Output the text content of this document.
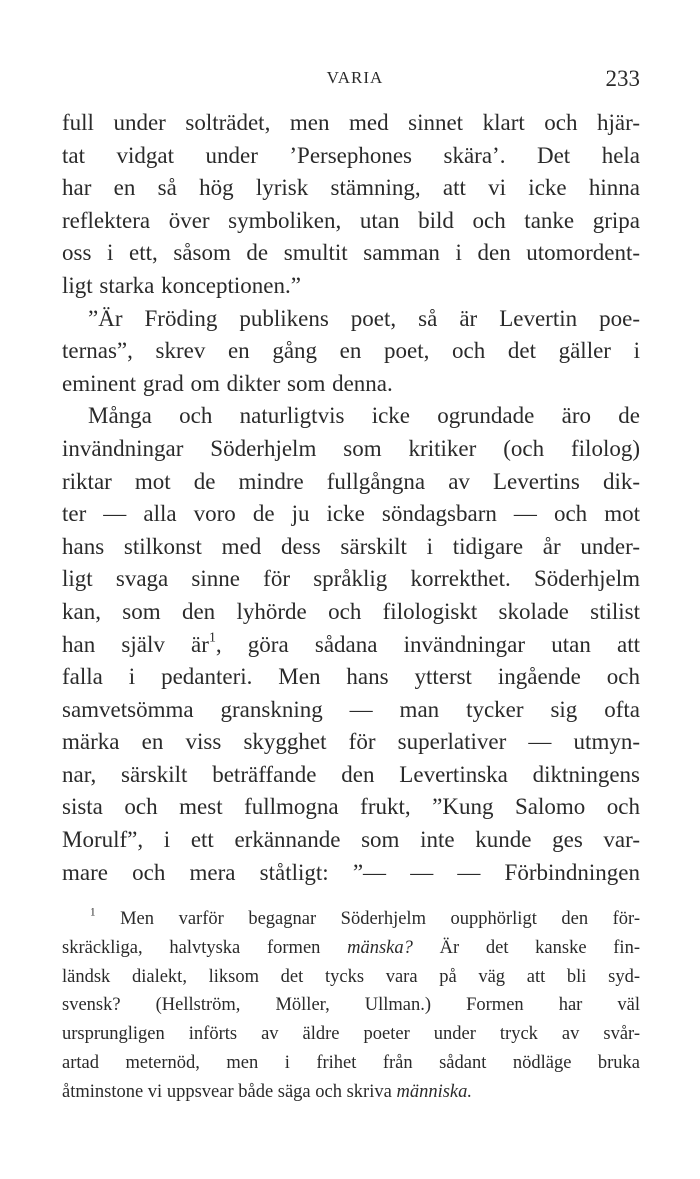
VARIA	233
full under solträdet, men med sinnet klart och hjär-
tat vidgat under ’Persephones skära’. Det hela
har en så hög lyrisk stämning, att vi icke hinna
reflektera över symboliken, utan bild och tanke gripa
oss i ett, såsom de smultit samman i den utomordent-
ligt starka konceptionen.”
”Är Fröding publikens poet, så är Levertin poe-
ternas”, skrev en gång en poet, och det gäller i
eminent grad om dikter som denna.
Många och naturligtvis icke ogrundade äro de
invändningar Söderhjelm som kritiker (och filolog)
riktar mot de mindre fullgångna av Levertins dik-
ter — alla voro de ju icke söndagsbarn — och mot
hans stilkonst med dess särskilt i tidigare år under-
ligt svaga sinne för språklig korrekthet. Söderhjelm
kan, som den lyhörde och filologiskt skolade stilist
han själv $är^1$, göra sådana invändningar utan att
falla i pedanteri. Men hans ytterst ingående och
samvetsömma granskning — man tycker sig ofta
märka en viss skygghet för superlativer — utmyn-
nar, särskilt beträffande den Levertinska diktningens
sista och mest fullmogna frukt, ”Kung Salomo och
Morulf”, i ett erkännande som inte kunde ges var-
mare och mera ståtligt: ”— — — Förbindningen
$^1$ Men varför begagnar Söderhjelm oupphörligt den för-
skräckliga, halvtyska formen mänska? Är det kanske fin-
ländsk dialekt, liksom det tycks vara på väg att bli syd-
svensk? (Hellström, Möller, Ullman.) Formen har väl
ursprungligen införts av äldre poeter under tryck av svår-
artad meternöd, men i frihet från sådant nödläge bruka
åtminstone vi uppsvear både säga och skriva människa.
